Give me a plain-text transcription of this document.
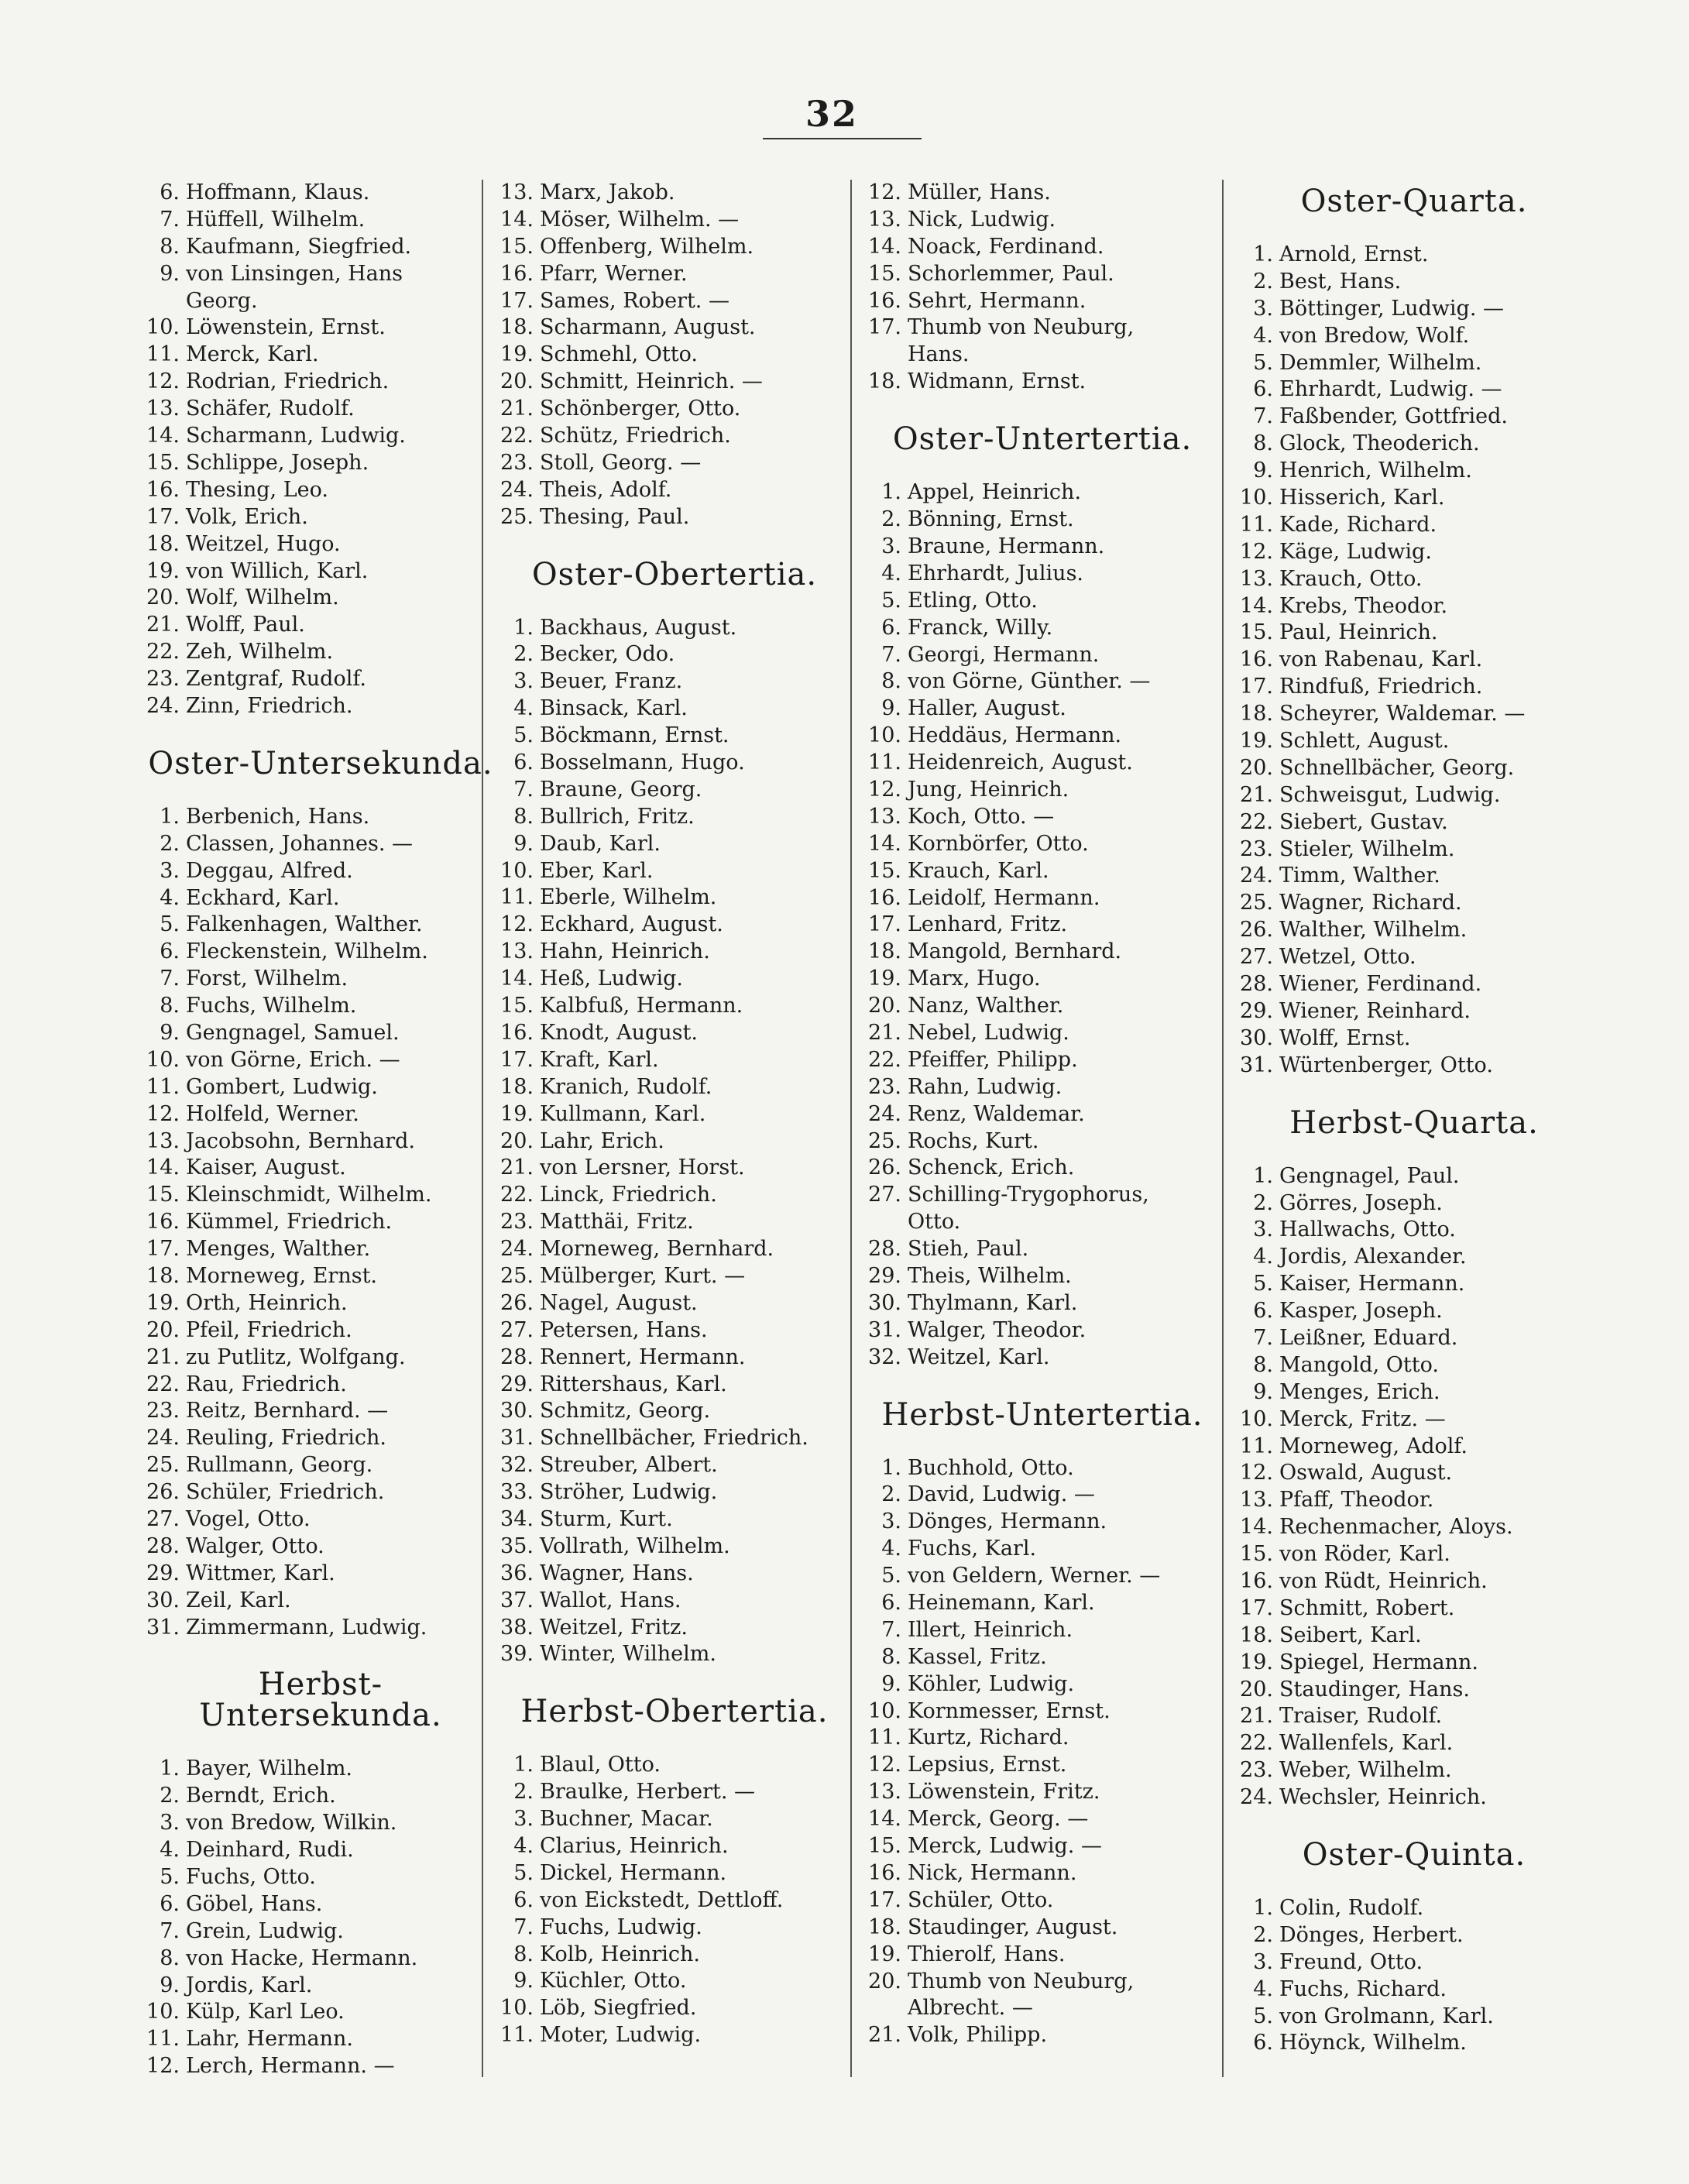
32
6. Hoffmann, Klaus.
7. Hüffell, Wilhelm.
8. Kaufmann, Siegfried.
9. von Linsingen, Hans
Georg.
10. Löwenstein, Ernst.
11. Merck, Karl.
12. Rodrian, Friedrich.
13. Schäfer, Rudolf.
14. Scharmann, Ludwig.
15. Schlippe, Joseph.
16. Thesing, Leo.
17. Volk, Erich.
18. Weitzel, Hugo.
19. von Willich, Karl.
20. Wolf, Wilhelm.
21. Wolff, Paul.
22. Zeh, Wilhelm.
23. Zentgraf, Rudolf.
24. Zinn, Friedrich.
Oster-Untersekunda.
1. Berbenich, Hans.
2. Classen, Johannes. —
3. Deggau, Alfred.
4. Eckhard, Karl.
5. Falkenhagen, Walther.
6. Fleckenstein, Wilhelm.
7. Forst, Wilhelm.
8. Fuchs, Wilhelm.
9. Gengnagel, Samuel.
10. von Görne, Erich. —
11. Gombert, Ludwig.
12. Holfeld, Werner.
13. Jacobsohn, Bernhard.
14. Kaiser, August.
15. Kleinschmidt, Wilhelm.
16. Kümmel, Friedrich.
17. Menges, Walther.
18. Morneweg, Ernst.
19. Orth, Heinrich.
20. Pfeil, Friedrich.
21. zu Putlitz, Wolfgang.
22. Rau, Friedrich.
23. Reitz, Bernhard. —
24. Reuling, Friedrich.
25. Rullmann, Georg.
26. Schüler, Friedrich.
27. Vogel, Otto.
28. Walger, Otto.
29. Wittmer, Karl.
30. Zeil, Karl.
31. Zimmermann, Ludwig.
Herbst-Untersekunda.
1. Bayer, Wilhelm.
2. Berndt, Erich.
3. von Bredow, Wilkin.
4. Deinhard, Rudi.
5. Fuchs, Otto.
6. Göbel, Hans.
7. Grein, Ludwig.
8. von Hacke, Hermann.
9. Jordis, Karl.
10. Külp, Karl Leo.
11. Lahr, Hermann.
12. Lerch, Hermann. —
13. Marx, Jakob.
14. Möser, Wilhelm. —
15. Offenberg, Wilhelm.
16. Pfarr, Werner.
17. Sames, Robert. —
18. Scharmann, August.
19. Schmehl, Otto.
20. Schmitt, Heinrich. —
21. Schönberger, Otto.
22. Schütz, Friedrich.
23. Stoll, Georg. —
24. Theis, Adolf.
25. Thesing, Paul.
Oster-Obertertia.
1. Backhaus, August.
2. Becker, Odo.
3. Beuer, Franz.
4. Binsack, Karl.
5. Böckmann, Ernst.
6. Bosselmann, Hugo.
7. Braune, Georg.
8. Bullrich, Fritz.
9. Daub, Karl.
10. Eber, Karl.
11. Eberle, Wilhelm.
12. Eckhard, August.
13. Hahn, Heinrich.
14. Heß, Ludwig.
15. Kalbfuß, Hermann.
16. Knodt, August.
17. Kraft, Karl.
18. Kranich, Rudolf.
19. Kullmann, Karl.
20. Lahr, Erich.
21. von Lersner, Horst.
22. Linck, Friedrich.
23. Matthäi, Fritz.
24. Morneweg, Bernhard.
25. Mülberger, Kurt. —
26. Nagel, August.
27. Petersen, Hans.
28. Rennert, Hermann.
29. Rittershaus, Karl.
30. Schmitz, Georg.
31. Schnellbächer, Friedrich.
32. Streuber, Albert.
33. Ströher, Ludwig.
34. Sturm, Kurt.
35. Vollrath, Wilhelm.
36. Wagner, Hans.
37. Wallot, Hans.
38. Weitzel, Fritz.
39. Winter, Wilhelm.
Herbst-Obertertia.
1. Blaul, Otto.
2. Braulke, Herbert. —
3. Buchner, Macar.
4. Clarius, Heinrich.
5. Dickel, Hermann.
6. von Eickstedt, Dettloff.
7. Fuchs, Ludwig.
8. Kolb, Heinrich.
9. Küchler, Otto.
10. Löb, Siegfried.
11. Moter, Ludwig.
12. Müller, Hans.
13. Nick, Ludwig.
14. Noack, Ferdinand.
15. Schorlemmer, Paul.
16. Sehrt, Hermann.
17. Thumb von Neuburg,
Hans.
18. Widmann, Ernst.
Oster-Untertertia.
1. Appel, Heinrich.
2. Bönning, Ernst.
3. Braune, Hermann.
4. Ehrhardt, Julius.
5. Etling, Otto.
6. Franck, Willy.
7. Georgi, Hermann.
8. von Görne, Günther. —
9. Haller, August.
10. Heddäus, Hermann.
11. Heidenreich, August.
12. Jung, Heinrich.
13. Koch, Otto. —
14. Kornbörfer, Otto.
15. Krauch, Karl.
16. Leidolf, Hermann.
17. Lenhard, Fritz.
18. Mangold, Bernhard.
19. Marx, Hugo.
20. Nanz, Walther.
21. Nebel, Ludwig.
22. Pfeiffer, Philipp.
23. Rahn, Ludwig.
24. Renz, Waldemar.
25. Rochs, Kurt.
26. Schenck, Erich.
27. Schilling-Trygophorus,
Otto.
28. Stieh, Paul.
29. Theis, Wilhelm.
30. Thylmann, Karl.
31. Walger, Theodor.
32. Weitzel, Karl.
Herbst-Untertertia.
1. Buchhold, Otto.
2. David, Ludwig. —
3. Dönges, Hermann.
4. Fuchs, Karl.
5. von Geldern, Werner. —
6. Heinemann, Karl.
7. Illert, Heinrich.
8. Kassel, Fritz.
9. Köhler, Ludwig.
10. Kornmesser, Ernst.
11. Kurtz, Richard.
12. Lepsius, Ernst.
13. Löwenstein, Fritz.
14. Merck, Georg. —
15. Merck, Ludwig. —
16. Nick, Hermann.
17. Schüler, Otto.
18. Staudinger, August.
19. Thierolf, Hans.
20. Thumb von Neuburg,
Albrecht. —
21. Volk, Philipp.
Oster-Quarta.
1. Arnold, Ernst.
2. Best, Hans.
3. Böttinger, Ludwig. —
4. von Bredow, Wolf.
5. Demmler, Wilhelm.
6. Ehrhardt, Ludwig. —
7. Faßbender, Gottfried.
8. Glock, Theoderich.
9. Henrich, Wilhelm.
10. Hisserich, Karl.
11. Kade, Richard.
12. Käge, Ludwig.
13. Krauch, Otto.
14. Krebs, Theodor.
15. Paul, Heinrich.
16. von Rabenau, Karl.
17. Rindfuß, Friedrich.
18. Scheyrer, Waldemar. —
19. Schlett, August.
20. Schnellbächer, Georg.
21. Schweisgut, Ludwig.
22. Siebert, Gustav.
23. Stieler, Wilhelm.
24. Timm, Walther.
25. Wagner, Richard.
26. Walther, Wilhelm.
27. Wetzel, Otto.
28. Wiener, Ferdinand.
29. Wiener, Reinhard.
30. Wolff, Ernst.
31. Würtenberger, Otto.
Herbst-Quarta.
1. Gengnagel, Paul.
2. Görres, Joseph.
3. Hallwachs, Otto.
4. Jordis, Alexander.
5. Kaiser, Hermann.
6. Kasper, Joseph.
7. Leißner, Eduard.
8. Mangold, Otto.
9. Menges, Erich.
10. Merck, Fritz. —
11. Morneweg, Adolf.
12. Oswald, August.
13. Pfaff, Theodor.
14. Rechenmacher, Aloys.
15. von Röder, Karl.
16. von Rüdt, Heinrich.
17. Schmitt, Robert.
18. Seibert, Karl.
19. Spiegel, Hermann.
20. Staudinger, Hans.
21. Traiser, Rudolf.
22. Wallenfels, Karl.
23. Weber, Wilhelm.
24. Wechsler, Heinrich.
Oster-Quinta.
1. Colin, Rudolf.
2. Dönges, Herbert.
3. Freund, Otto.
4. Fuchs, Richard.
5. von Grolmann, Karl.
6. Höynck, Wilhelm.
